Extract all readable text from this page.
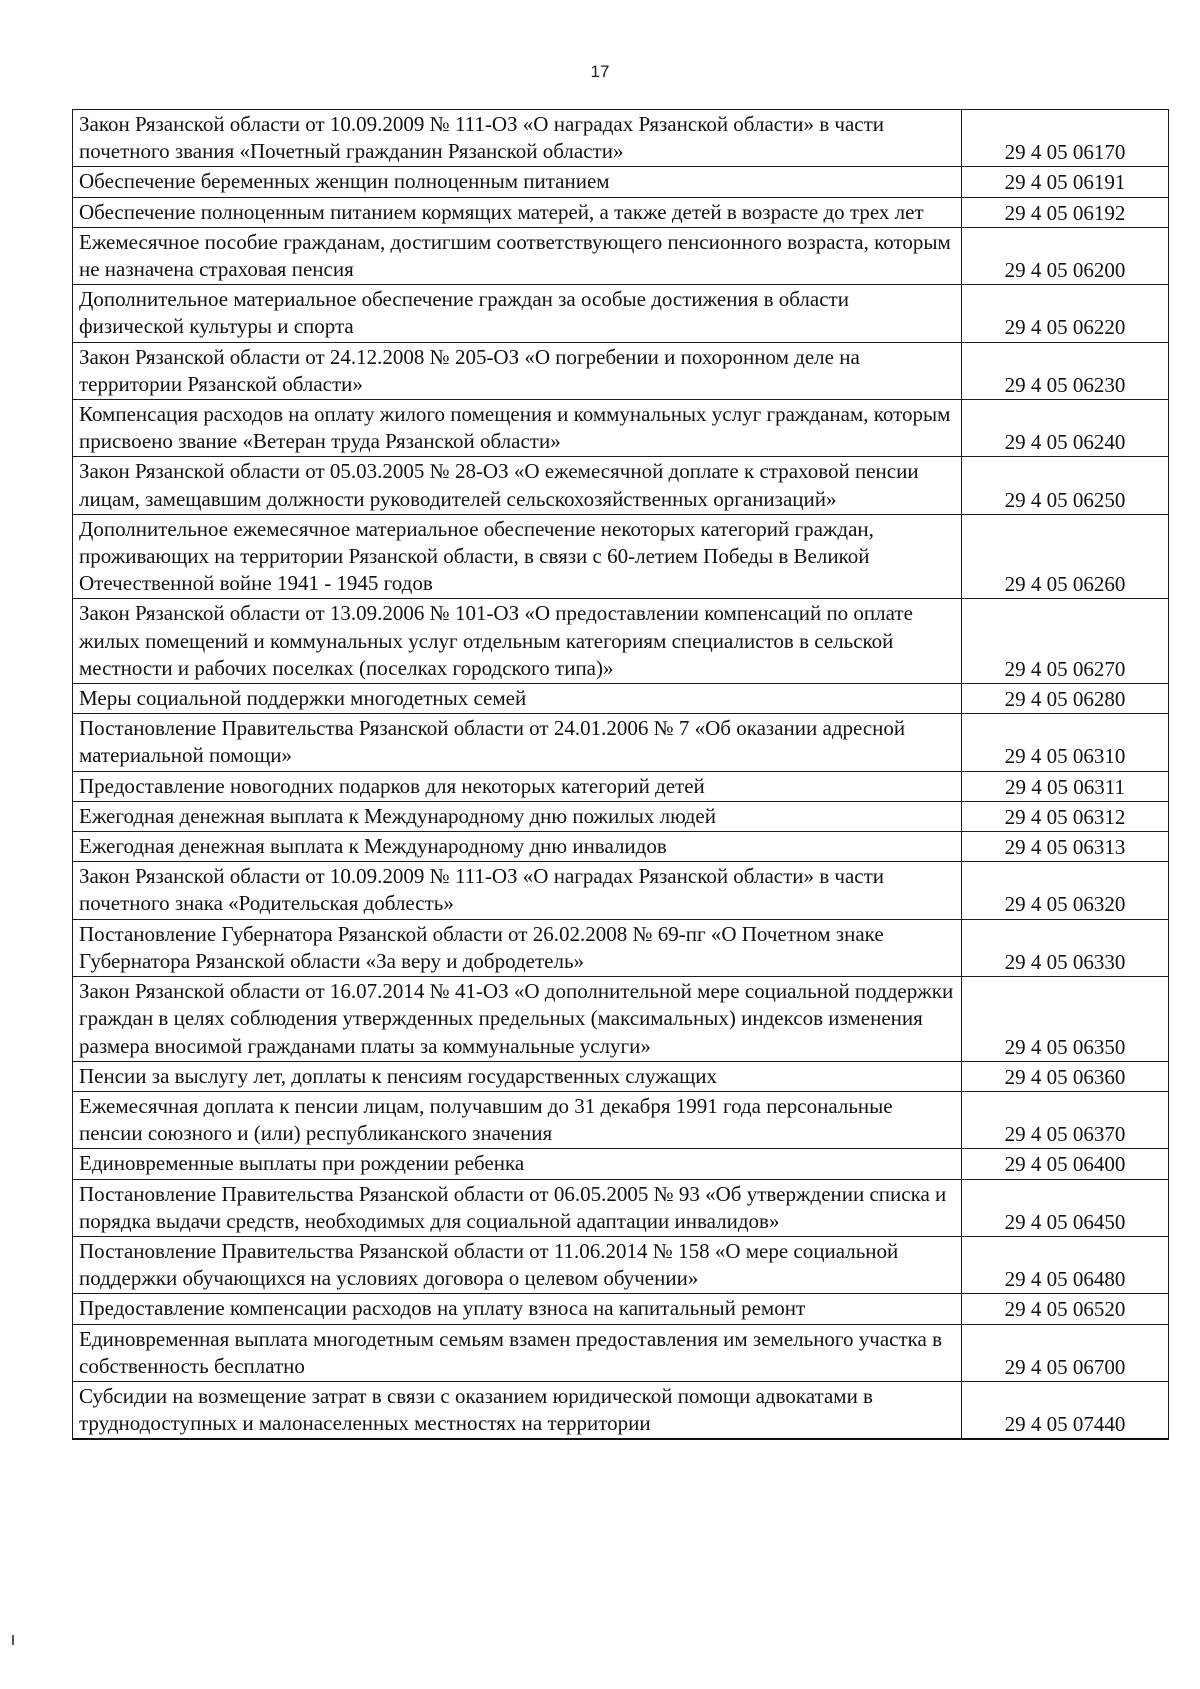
17
Закон Рязанской области от 10.09.2009 № 111-ОЗ «О наградах Рязанской области» в части почетного звания «Почетный гражданин Рязанской области»	29 4 05 06170
Обеспечение беременных женщин полноценным питанием	29 4 05 06191
Обеспечение полноценным питанием кормящих матерей, а также детей в возрасте до трех лет	29 4 05 06192
Ежемесячное пособие гражданам, достигшим соответствующего пенсионного возраста, которым не назначена страховая пенсия	29 4 05 06200
Дополнительное материальное обеспечение граждан за особые достижения в области физической культуры и спорта	29 4 05 06220
Закон Рязанской области от 24.12.2008 № 205-ОЗ «О погребении и похоронном деле на территории Рязанской области»	29 4 05 06230
Компенсация расходов на оплату жилого помещения и коммунальных услуг гражданам, которым присвоено звание «Ветеран труда Рязанской области»	29 4 05 06240
Закон Рязанской области от 05.03.2005 № 28-ОЗ «О ежемесячной доплате к страховой пенсии лицам, замещавшим должности руководителей сельскохозяйственных организаций»	29 4 05 06250
Дополнительное ежемесячное материальное обеспечение некоторых категорий граждан, проживающих на территории Рязанской области, в связи с 60-летием Победы в Великой Отечественной войне 1941 - 1945 годов	29 4 05 06260
Закон Рязанской области от 13.09.2006 № 101-ОЗ «О предоставлении компенсаций по оплате жилых помещений и коммунальных услуг отдельным категориям специалистов в сельской местности и рабочих поселках (поселках городского типа)»	29 4 05 06270
Меры социальной поддержки многодетных семей	29 4 05 06280
Постановление Правительства Рязанской области от 24.01.2006 № 7 «Об оказании адресной материальной помощи»	29 4 05 06310
Предоставление новогодних подарков для некоторых категорий детей	29 4 05 06311
Ежегодная денежная выплата к Международному дню пожилых людей	29 4 05 06312
Ежегодная денежная выплата к Международному дню инвалидов	29 4 05 06313
Закон Рязанской области от 10.09.2009 № 111-ОЗ «О наградах Рязанской области» в части почетного знака «Родительская доблесть»	29 4 05 06320
Постановление Губернатора Рязанской области от 26.02.2008 № 69-пг «О Почетном знаке Губернатора Рязанской области «За веру и добродетель»	29 4 05 06330
Закон Рязанской области от 16.07.2014 № 41-ОЗ «О дополнительной мере социальной поддержки граждан в целях соблюдения утвержденных предельных (максимальных) индексов изменения размера вносимой гражданами платы за коммунальные услуги»	29 4 05 06350
Пенсии за выслугу лет, доплаты к пенсиям государственных служащих	29 4 05 06360
Ежемесячная доплата к пенсии лицам, получавшим до 31 декабря 1991 года персональные пенсии союзного и (или) республиканского значения	29 4 05 06370
Единовременные выплаты при рождении ребенка	29 4 05 06400
Постановление Правительства Рязанской области от 06.05.2005 № 93 «Об утверждении списка и порядка выдачи средств, необходимых для социальной адаптации инвалидов»	29 4 05 06450
Постановление Правительства Рязанской области от 11.06.2014 № 158 «О мере социальной поддержки обучающихся на условиях договора о целевом обучении»	29 4 05 06480
Предоставление компенсации расходов на уплату взноса на капитальный ремонт	29 4 05 06520
Единовременная выплата многодетным семьям взамен предоставления им земельного участка в собственность бесплатно	29 4 05 06700
Субсидии на возмещение затрат в связи с оказанием юридической помощи адвокатами в труднодоступных и малонаселенных местностях на территории	29 4 05 07440
